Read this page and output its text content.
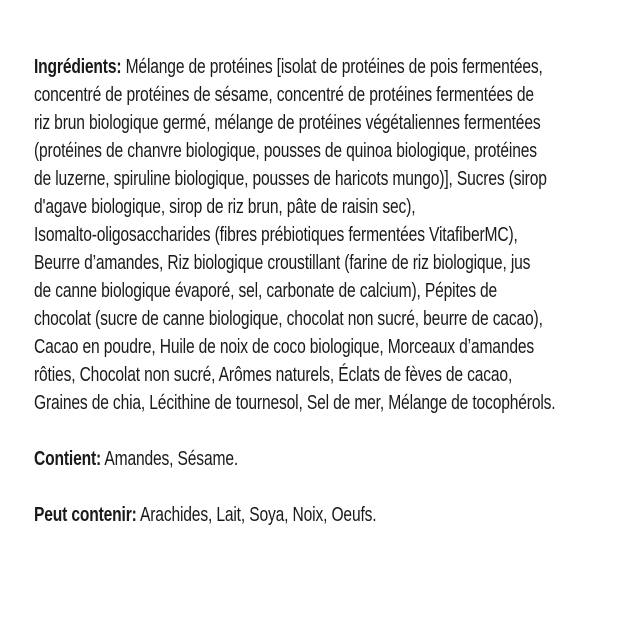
Ingrédients: Mélange de protéines [isolat de protéines de pois fermentées,
concentré de protéines de sésame, concentré de protéines fermentées de
riz brun biologique germé, mélange de protéines végétaliennes fermentées
(protéines de chanvre biologique, pousses de quinoa biologique, protéines
de luzerne, spiruline biologique, pousses de haricots mungo)], Sucres (sirop
d'agave biologique, sirop de riz brun, pâte de raisin sec),
Isomalto-oligosaccharides (fibres prébiotiques fermentées VitafiberMC),
Beurre d’amandes, Riz biologique croustillant (farine de riz biologique, jus
de canne biologique évaporé, sel, carbonate de calcium), Pépites de
chocolat (sucre de canne biologique, chocolat non sucré, beurre de cacao),
Cacao en poudre, Huile de noix de coco biologique, Morceaux d’amandes
rôties, Chocolat non sucré, Arômes naturels, Éclats de fèves de cacao,
Graines de chia, Lécithine de tournesol, Sel de mer, Mélange de tocophérols.
Contient: Amandes, Sésame.
Peut contenir: Arachides, Lait, Soya, Noix, Oeufs.
